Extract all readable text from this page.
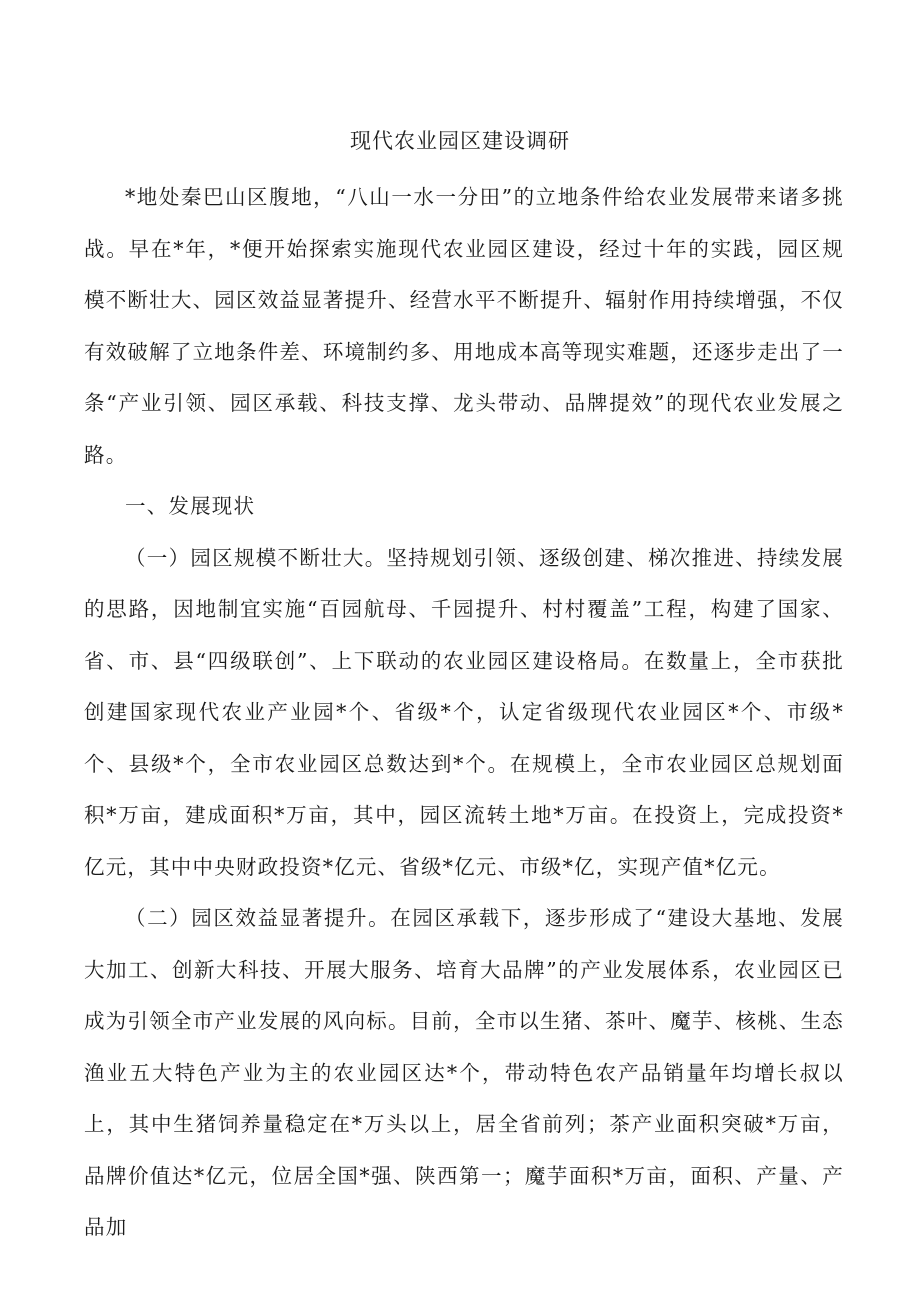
现代农业园区建设调研

*地处秦巴山区腹地，“八山一水一分田”的立地条件给农业发展带来诸多挑战。早在*年，*便开始探索实施现代农业园区建设，经过十年的实践，园区规模不断壮大、园区效益显著提升、经营水平不断提升、辐射作用持续增强，不仅有效破解了立地条件差、环境制约多、用地成本高等现实难题，还逐步走出了一条“产业引领、园区承载、科技支撑、龙头带动、品牌提效”的现代农业发展之路。

一、发展现状

（一）园区规模不断壮大。坚持规划引领、逐级创建、梯次推进、持续发展的思路，因地制宜实施“百园航母、千园提升、村村覆盖”工程，构建了国家、省、市、县“四级联创”、上下联动的农业园区建设格局。在数量上，全市获批创建国家现代农业产业园*个、省级*个，认定省级现代农业园区*个、市级*个、县级*个，全市农业园区总数达到*个。在规模上，全市农业园区总规划面积*万亩，建成面积*万亩，其中，园区流转土地*万亩。在投资上，完成投资*亿元，其中中央财政投资*亿元、省级*亿元、市级*亿，实现产值*亿元。

（二）园区效益显著提升。在园区承载下，逐步形成了“建设大基地、发展大加工、创新大科技、开展大服务、培育大品牌”的产业发展体系，农业园区已成为引领全市产业发展的风向标。目前，全市以生猪、茶叶、魔芋、核桃、生态渔业五大特色产业为主的农业园区达*个，带动特色农产品销量年均增长叔以上，其中生猪饲养量稳定在*万头以上，居全省前列；茶产业面积突破*万亩，品牌价值达*亿元，位居全国*强、陕西第一；魔芋面积*万亩，面积、产量、产品加
